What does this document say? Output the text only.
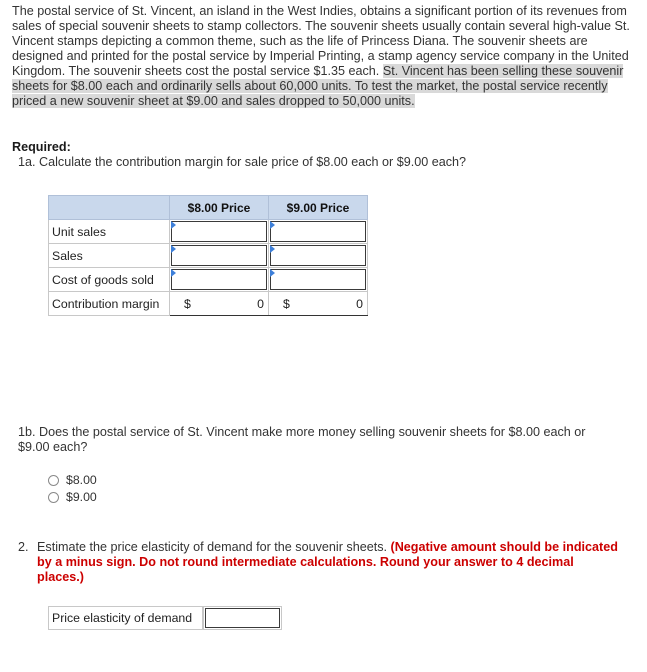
The postal service of St. Vincent, an island in the West Indies, obtains a significant portion of its revenues from sales of special souvenir sheets to stamp collectors. The souvenir sheets usually contain several high-value St. Vincent stamps depicting a common theme, such as the life of Princess Diana. The souvenir sheets are designed and printed for the postal service by Imperial Printing, a stamp agency service company in the United Kingdom. The souvenir sheets cost the postal service $1.35 each. St. Vincent has been selling these souvenir sheets for $8.00 each and ordinarily sells about 60,000 units. To test the market, the postal service recently priced a new souvenir sheet at $9.00 and sales dropped to 50,000 units.
Required:
1a. Calculate the contribution margin for sale price of $8.00 each or $9.00 each?
	$8.00 Price	$9.00 Price
Unit sales	

Sales	

Cost of goods sold	

Contribution margin	$ 0	$ 0
1b. Does the postal service of St. Vincent make more money selling souvenir sheets for $8.00 each or $9.00 each?
$8.00
$9.00
2. Estimate the price elasticity of demand for the souvenir sheets. (Negative amount should be indicated by a minus sign. Do not round intermediate calculations. Round your answer to 4 decimal places.)
Price elasticity of demand
